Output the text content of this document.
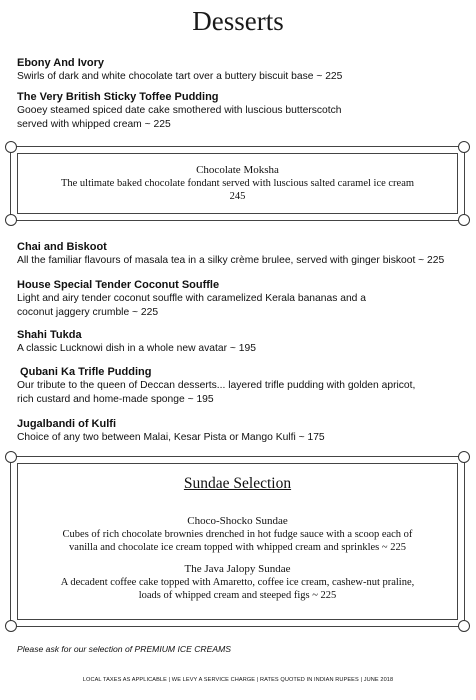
Desserts
Ebony And Ivory
Swirls of dark and white chocolate tart over a buttery biscuit base ~ 225
The Very British Sticky Toffee Pudding
Gooey steamed spiced date cake smothered with luscious butterscotch
served with whipped cream ~ 225
Chocolate Moksha
The ultimate baked chocolate fondant served with luscious salted caramel ice cream
245
Chai and Biskoot
All the familiar flavours of masala tea in a silky crème brulee, served with ginger biskoot ~ 225
House Special Tender Coconut Souffle
Light and airy tender coconut souffle with caramelized Kerala bananas and a
coconut jaggery crumble ~ 225
Shahi Tukda
A classic Lucknowi dish in a whole new avatar ~ 195
Qubani Ka Trifle Pudding
Our tribute to the queen of Deccan desserts... layered trifle pudding with golden apricot,
rich custard and home-made sponge ~ 195
Jugalbandi of Kulfi
Choice of any two between Malai, Kesar Pista or Mango Kulfi ~ 175
Sundae Selection
Choco-Shocko Sundae
Cubes of rich chocolate brownies drenched in hot fudge sauce with a scoop each of
vanilla and chocolate ice cream topped with whipped cream and sprinkles ~ 225
The Java Jalopy Sundae
A decadent coffee cake topped with Amaretto, coffee ice cream, cashew-nut praline,
loads of whipped cream and steeped figs ~ 225
Please ask for our selection of PREMIUM ICE CREAMS
LOCAL TAXES AS APPLICABLE | WE LEVY A SERVICE CHARGE | RATES QUOTED IN INDIAN RUPEES | JUNE 2018
